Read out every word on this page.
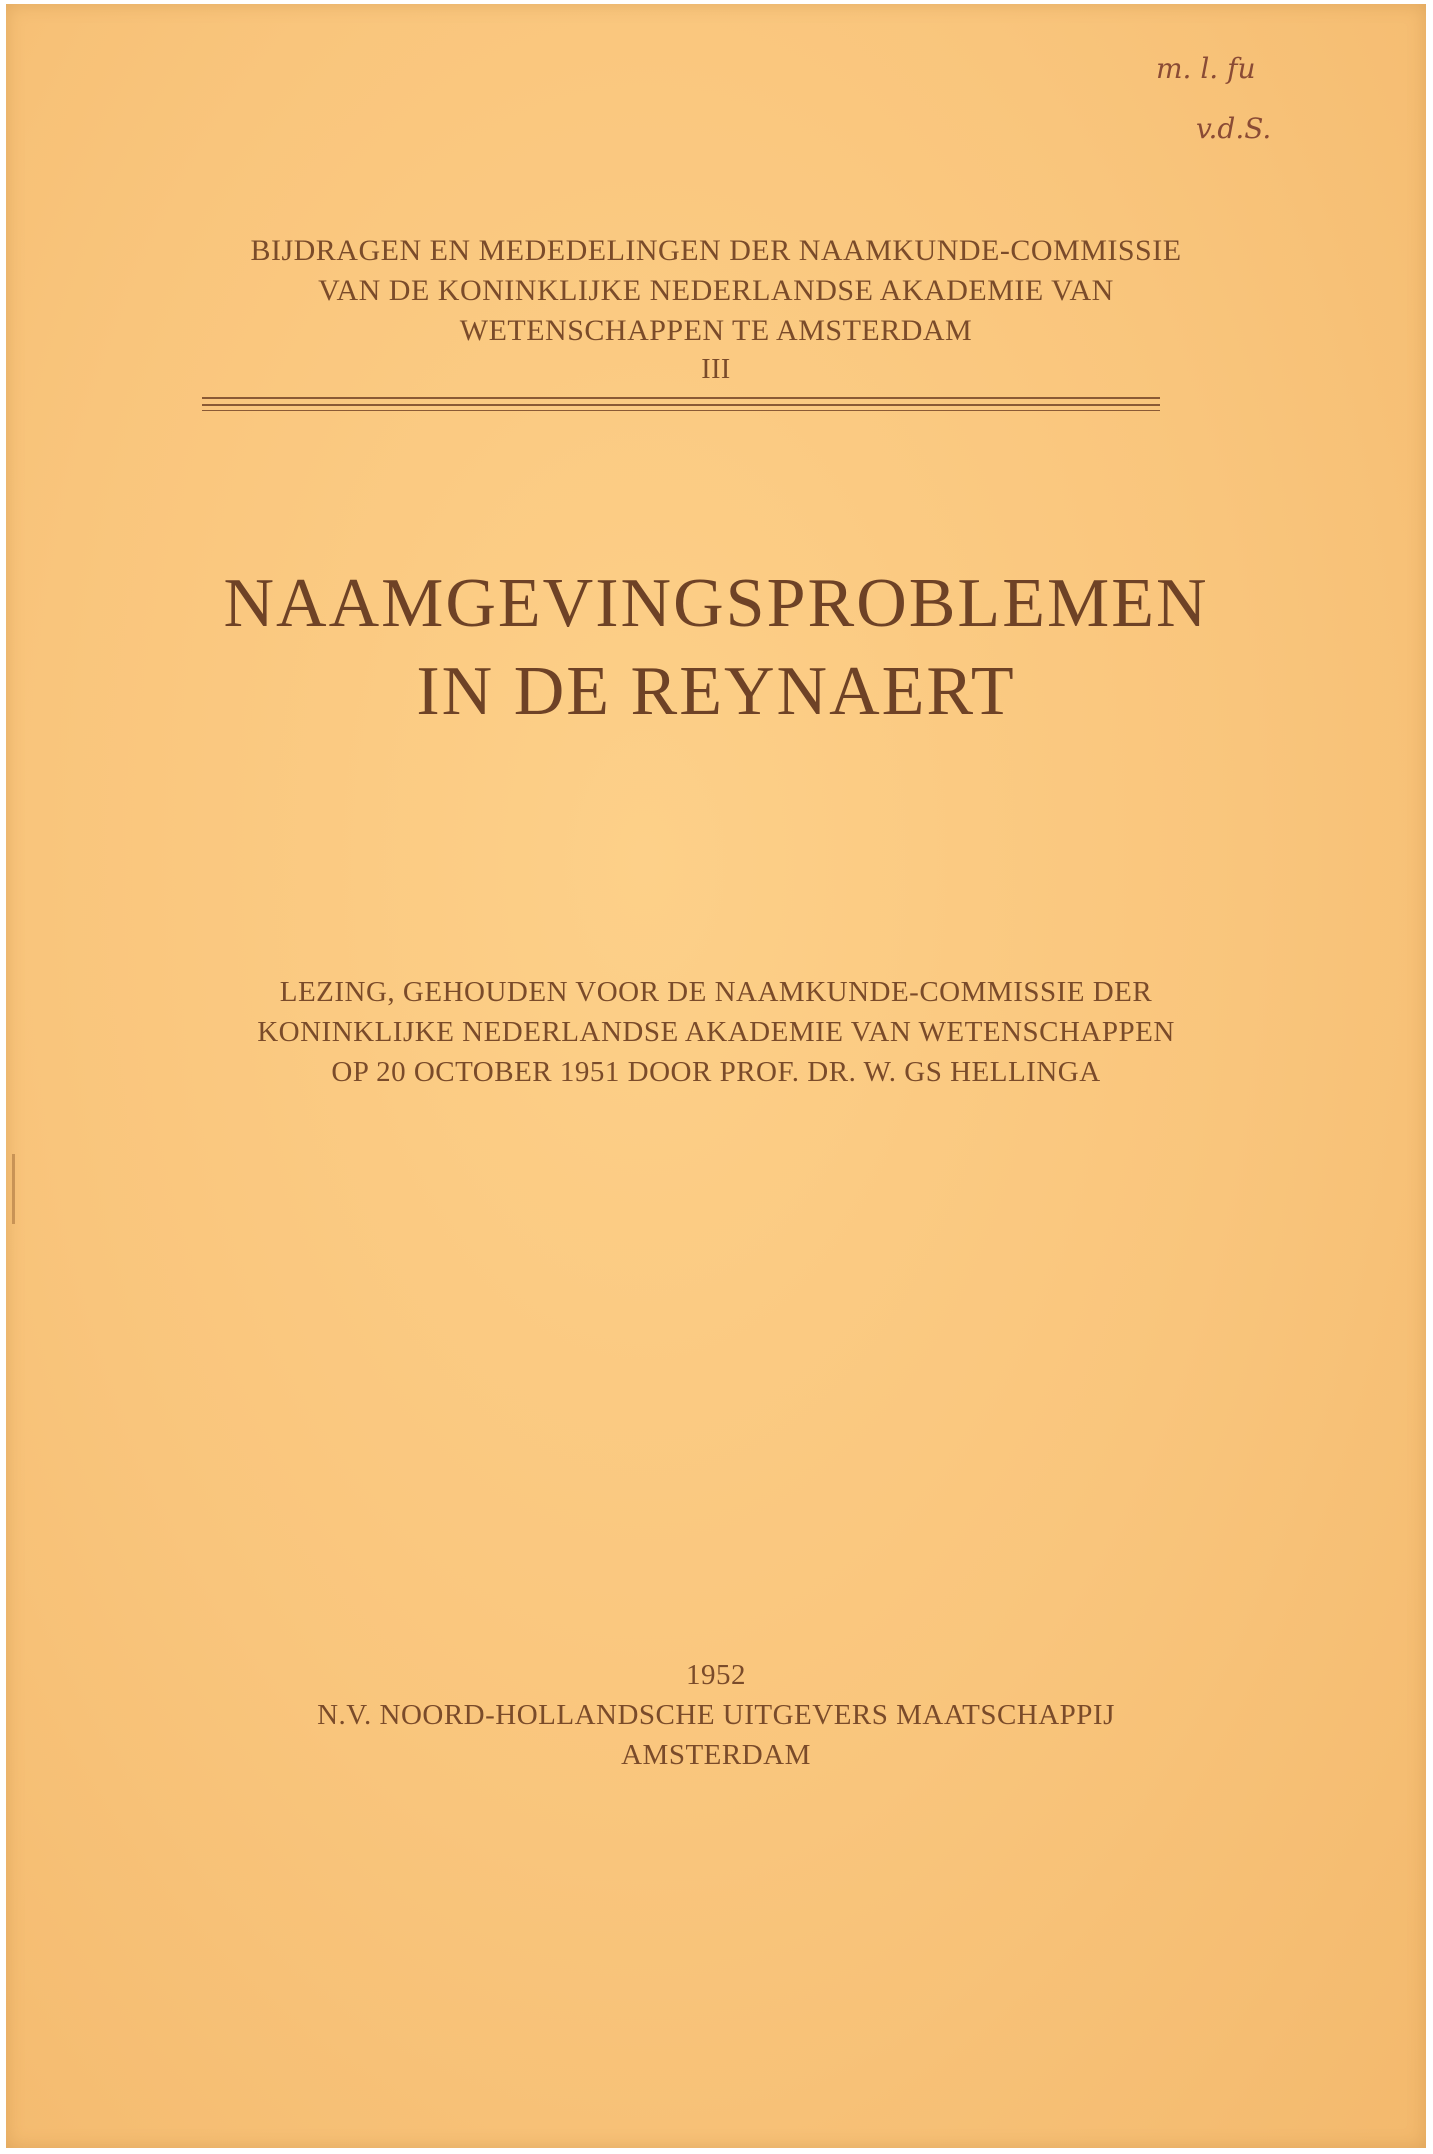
m. l. fu
v.d.S.
BIJDRAGEN EN MEDEDELINGEN DER NAAMKUNDE-COMMISSIE
VAN DE KONINKLIJKE NEDERLANDSE AKADEMIE VAN
WETENSCHAPPEN TE AMSTERDAM
III
NAAMGEVINGSPROBLEMEN
IN DE REYNAERT
LEZING, GEHOUDEN VOOR DE NAAMKUNDE-COMMISSIE DER
KONINKLIJKE NEDERLANDSE AKADEMIE VAN WETENSCHAPPEN
OP 20 OCTOBER 1951 DOOR PROF. DR. W. GS HELLINGA
1952
N.V. NOORD-HOLLANDSCHE UITGEVERS MAATSCHAPPIJ
AMSTERDAM
